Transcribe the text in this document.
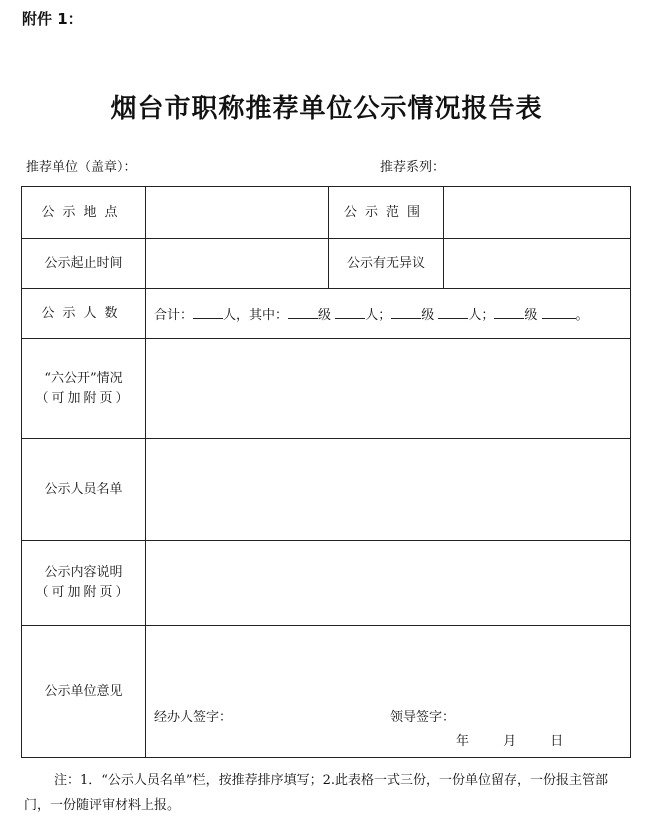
附件 1：
烟台市职称推荐单位公示情况报告表
推荐单位（盖章）：	推荐系列：
公示地点		公示范围	
公示起止时间		公示有无异议	
公示人数	合计： 人，其中： 级 人； 级 人； 级 。		

“六公开”情况
（可加附页）			

公示人员名单			

公示内容说明
（可加附页）			

公示单位意见	经办人签字： 领导签字：
年 月 日		
注：1．“公示人员名单”栏，按推荐排序填写；2.此表格一式三份，一份单位留存，一份报主管部门，一份随评审材料上报。
